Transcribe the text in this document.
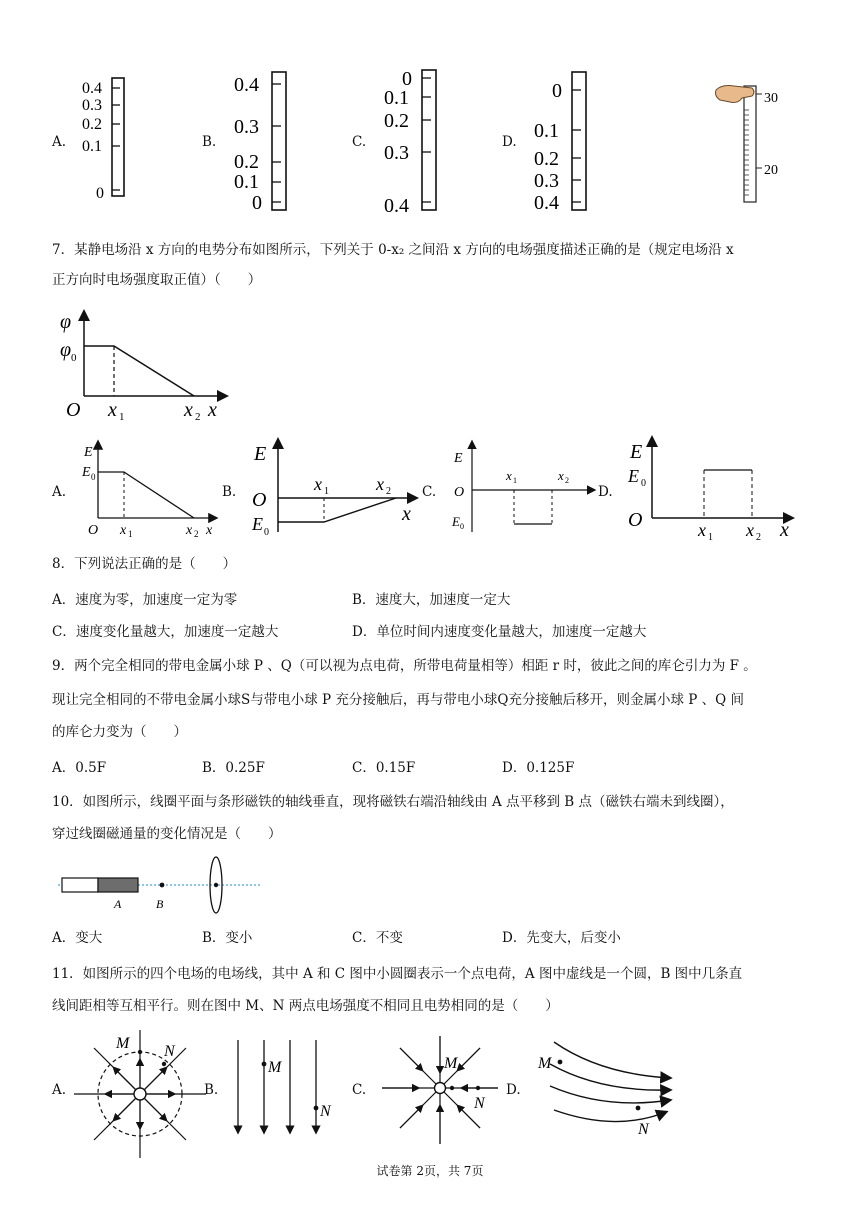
A.
0.4
0.3
0.2
0.1
0
B.
0.4
0.3
0.2
0.1
0
C.
0
0.1
0.2
0.3
0.4
D.
0
0.1
0.2
0.3
0.4
30
20
7．某静电场沿 x 方向的电势分布如图所示，下列关于 0-x₂ 之间沿 x 方向的电场强度描述正确的是（规定电场沿 x
正方向时电场强度取正值）（　　）
φ
φ 0
O x 1	x 2 x
A.
E
E 0
O x 1	x 2 x
B.
E
O
E 0
x 1	x 2
x
C.
E
O
E 0
x 1	x 2
D.
E
E 0
O	x 1 x 2 x
8．下列说法正确的是（　　）
A．速度为零，加速度一定为零	B．速度大，加速度一定大
C．速度变化量越大，加速度一定越大	D．单位时间内速度变化量越大，加速度一定越大
9．两个完全相同的带电金属小球 P 、Q（可以视为点电荷，所带电荷量相等）相距 r 时，彼此之间的库仑引力为 F 。
现让完全相同的不带电金属小球S与带电小球 P 充分接触后，再与带电小球Q充分接触后移开，则金属小球 P 、Q 间
的库仑力变为（　　）
A．0.5F	B．0.25F	C．0.15F	D．0.125F
10．如图所示，线圈平面与条形磁铁的轴线垂直，现将磁铁右端沿轴线由 A 点平移到 B 点（磁铁右端未到线圈），
穿过线圈磁通量的变化情况是（　　）
A	B
A．变大	B．变小	C．不变	D．先变大，后变小
11．如图所示的四个电场的电场线，其中 A 和 C 图中小圆圈表示一个点电荷，A 图中虚线是一个圆，B 图中几条直
线间距相等互相平行。则在图中 M、N 两点电场强度不相同且电势相同的是（　　）
A.
M N
B.
M
N
C.
M
N
D.
M
N
试卷第 2页，共 7页
